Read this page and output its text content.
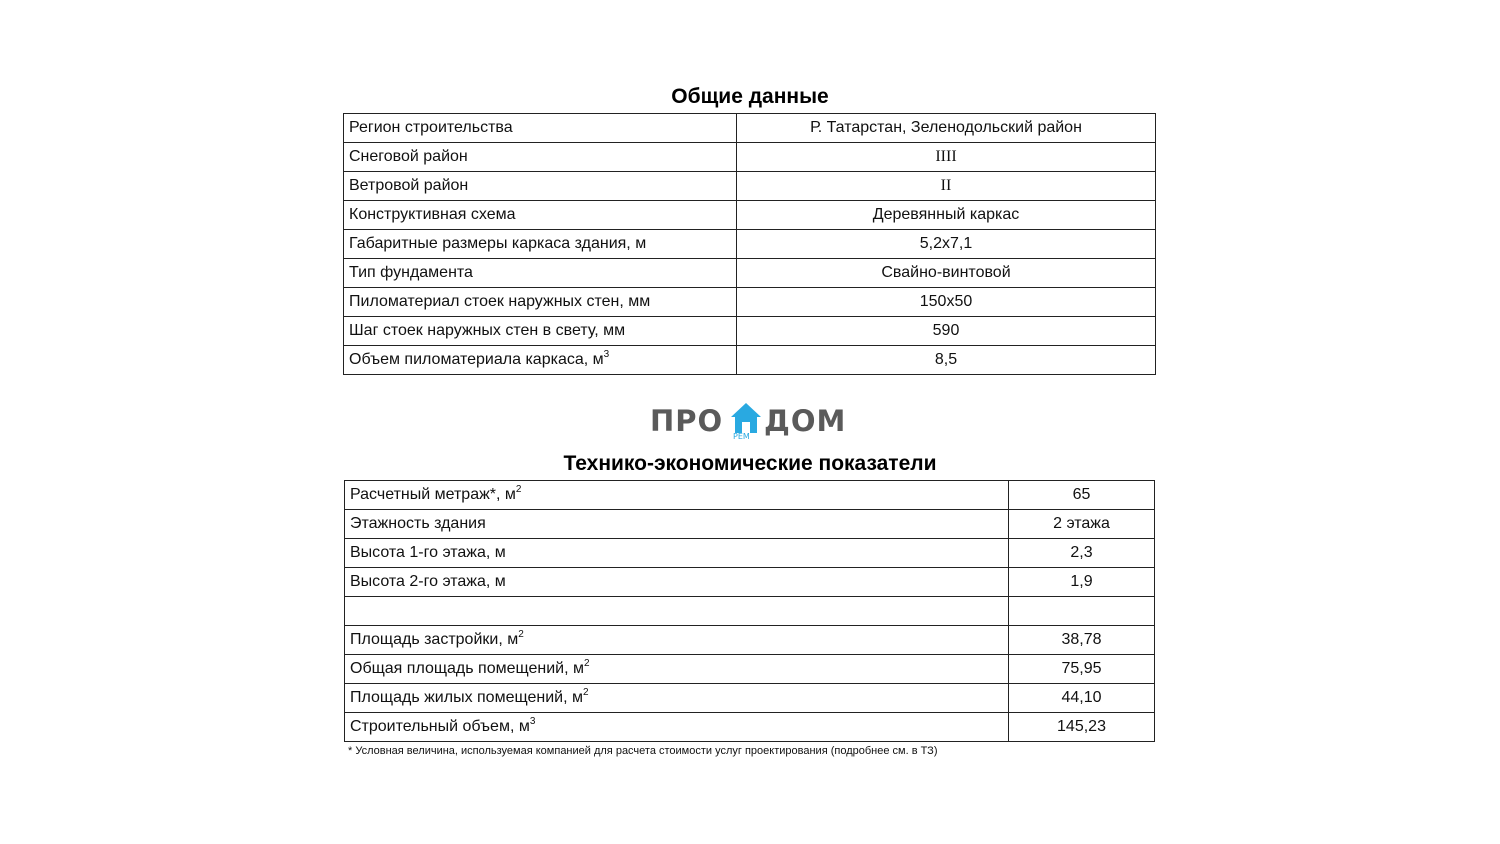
Общие данные
Регион строительства	Р. Татарстан, Зеленодольский район
Снеговой район	IIII
Ветровой район	II
Конструктивная схема	Деревянный каркас
Габаритные размеры каркаса здания, м	5,2x7,1
Тип фундамента	Свайно-винтовой
Пиломатериал стоек наружных стен, мм	150x50
Шаг стоек наружных стен в свету, мм	590
Объем пиломатериала каркаса, $м^3$	8,5
ПРО РЕМ ДОМ
Технико-экономические показатели
Расчетный метраж*, $м^2$	65
Этажность здания	2 этажа
Высота 1-го этажа, м	2,3
Высота 2-го этажа, м	1,9

Площадь застройки, $м^2$	38,78
Общая площадь помещений, $м^2$	75,95
Площадь жилых помещений, $м^2$	44,10
Строительный объем, $м^3$	145,23
* Условная величина, используемая компанией для расчета стоимости услуг проектирования (подробнее см. в ТЗ)
